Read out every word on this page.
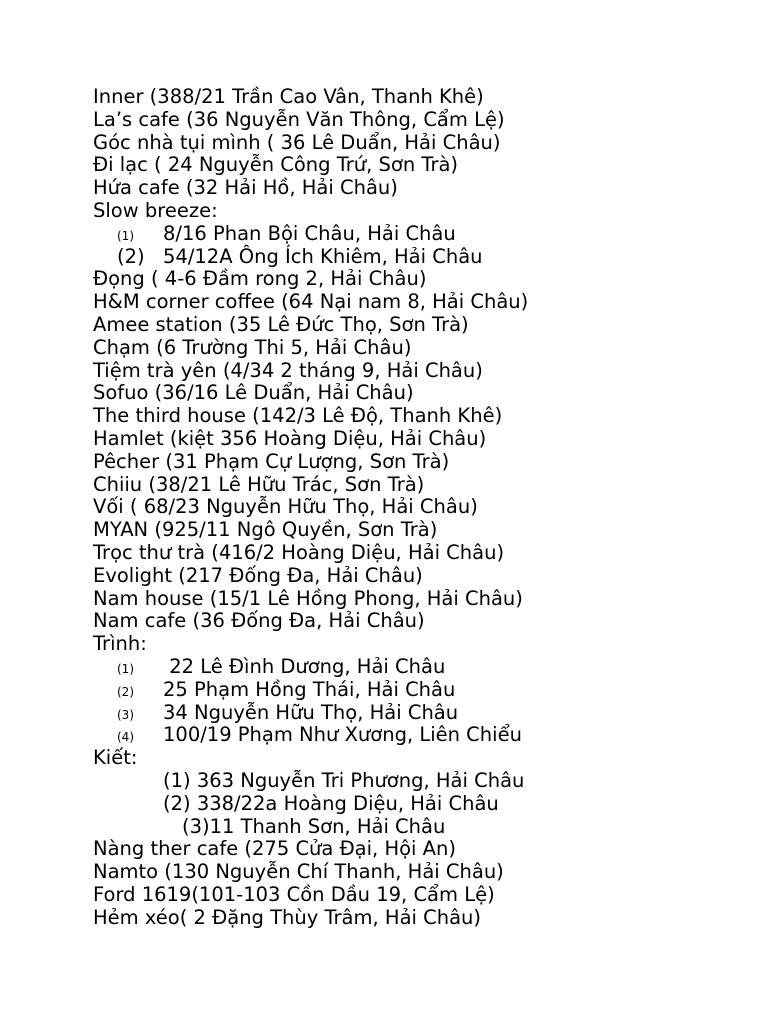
Inner (388/21 Trần Cao Vân, Thanh Khê)
La’s cafe (36 Nguyễn Văn Thông, Cẩm Lệ)
Góc nhà tụi mình ( 36 Lê Duẩn, Hải Châu)
Đi lạc ( 24 Nguyễn Công Trứ, Sơn Trà)
Hứa cafe (32 Hải Hồ, Hải Châu)
Slow breeze:
(1)	8/16 Phan Bội Châu, Hải Châu
(2) 54/12A Ông Ích Khiêm, Hải Châu
Đọng ( 4-6 Đầm rong 2, Hải Châu)
H&M corner coffee (64 Nại nam 8, Hải Châu)
Amee station (35 Lê Đức Thọ, Sơn Trà)
Chạm (6 Trường Thi 5, Hải Châu)
Tiệm trà yên (4/34 2 tháng 9, Hải Châu)
Sofuo (36/16 Lê Duẩn, Hải Châu)
The third house (142/3 Lê Độ, Thanh Khê)
Hamlet (kiệt 356 Hoàng Diệu, Hải Châu)
Pêcher (31 Phạm Cự Lượng, Sơn Trà)
Chiiu (38/21 Lê Hữu Trác, Sơn Trà)
Vối ( 68/23 Nguyễn Hữu Thọ, Hải Châu)
MYAN (925/11 Ngô Quyền, Sơn Trà)
Trọc thư trà (416/2 Hoàng Diệu, Hải Châu)
Evolight (217 Đống Đa, Hải Châu)
Nam house (15/1 Lê Hồng Phong, Hải Châu)
Nam cafe (36 Đống Đa, Hải Châu)
Trình:
(1)	22 Lê Đình Dương, Hải Châu
(2)	25 Phạm Hồng Thái, Hải Châu
(3)	34 Nguyễn Hữu Thọ, Hải Châu
(4)	100/19 Phạm Như Xương, Liên Chiểu
Kiết:
(1) 363 Nguyễn Tri Phương, Hải Châu
(2) 338/22a Hoàng Diệu, Hải Châu
(3)11 Thanh Sơn, Hải Châu
Nàng ther cafe (275 Cửa Đại, Hội An)
Namto (130 Nguyễn Chí Thanh, Hải Châu)
Ford 1619(101-103 Cồn Dầu 19, Cẩm Lệ)
Hẻm xéo( 2 Đặng Thùy Trâm, Hải Châu)
